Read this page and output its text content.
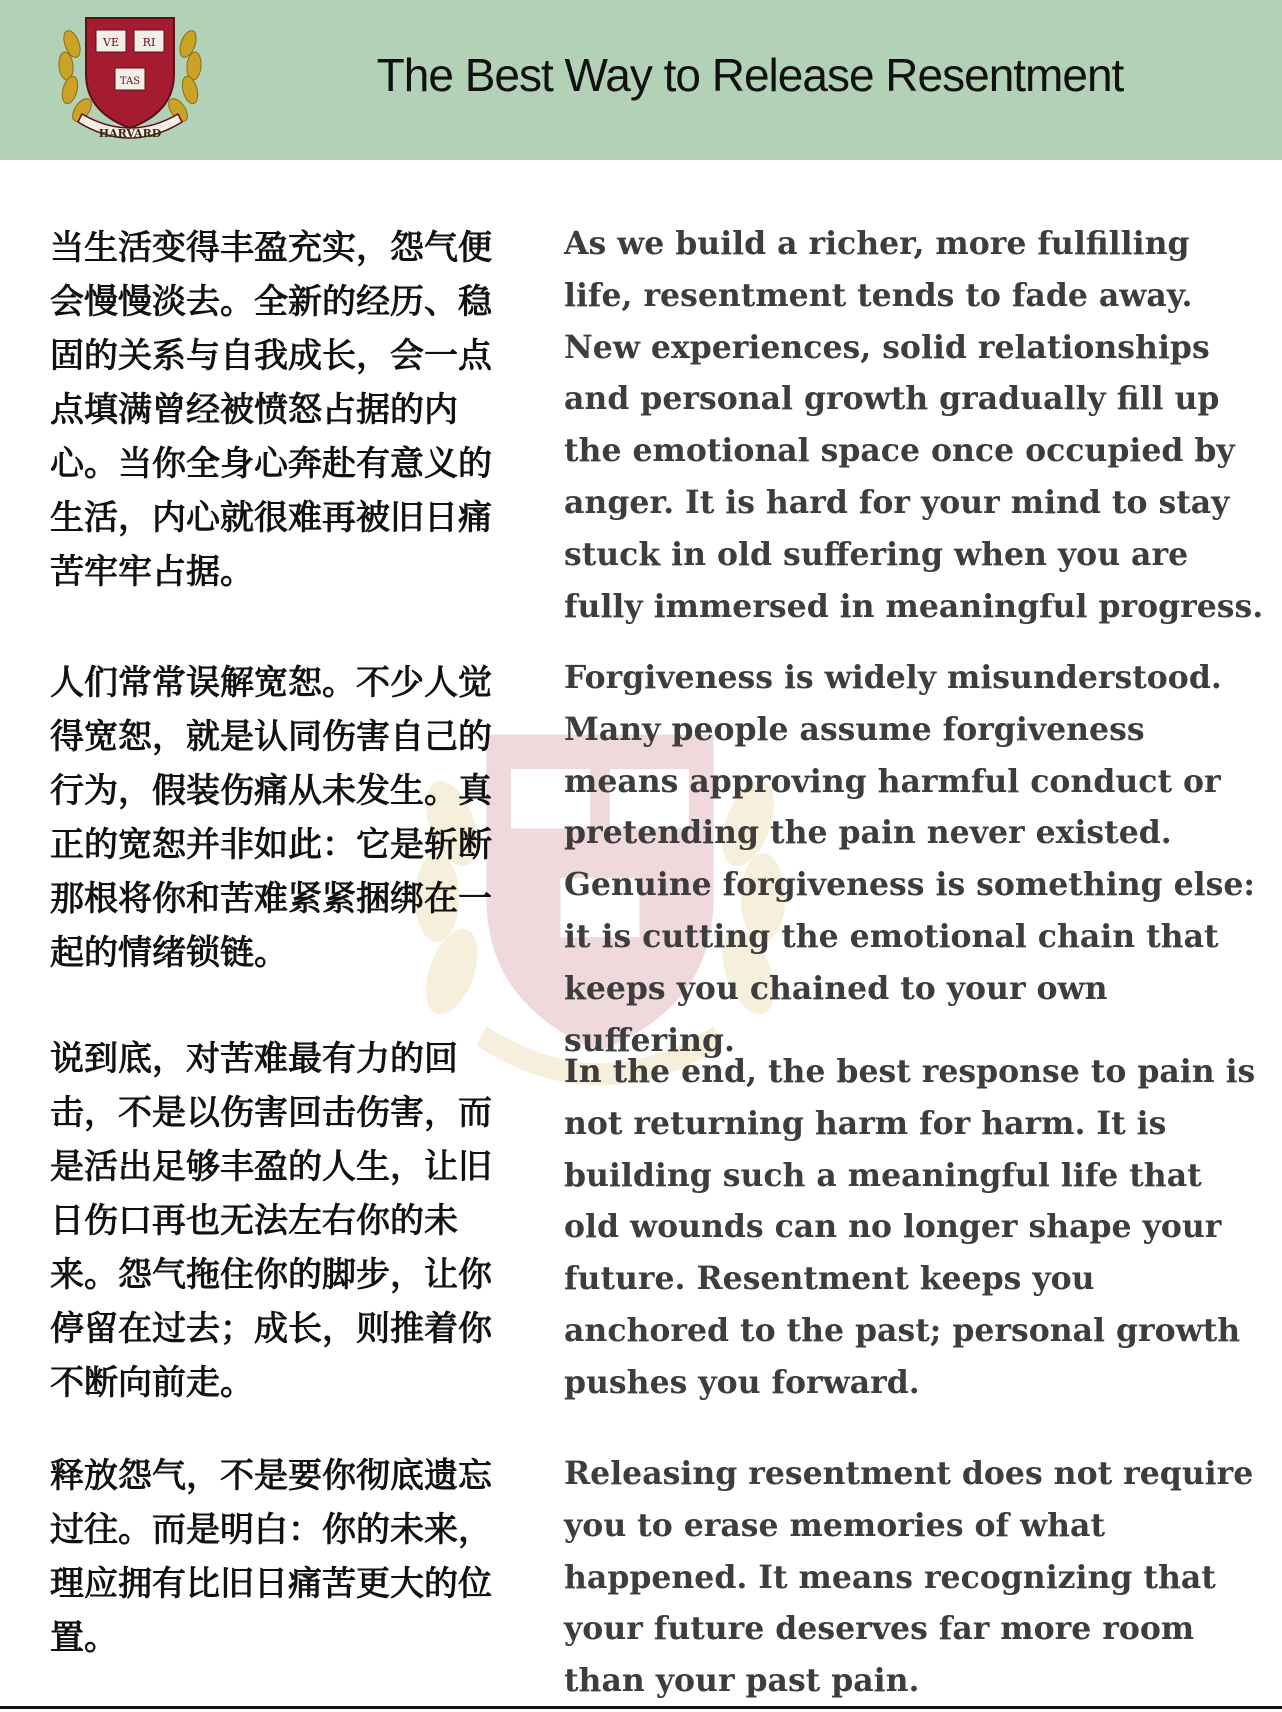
VE RI
TAS
HARVARD
The Best Way to Release Resentment

当生活变得丰盈充实，怨气便会慢慢淡去。全新的经历、稳固的关系与自我成长，会一点点填满曾经被愤怒占据的内心。当你全身心奔赴有意义的生活，内心就很难再被旧日痛苦牢牢占据。

As we build a richer, more fulfilling life, resentment tends to fade away. New experiences, solid relationships and personal growth gradually fill up the emotional space once occupied by anger. It is hard for your mind to stay stuck in old suffering when you are fully immersed in meaningful progress.

人们常常误解宽恕。不少人觉得宽恕，就是认同伤害自己的行为，假装伤痛从未发生。真正的宽恕并非如此：它是斩断那根将你和苦难紧紧捆绑在一起的情绪锁链。

Forgiveness is widely misunderstood. Many people assume forgiveness means approving harmful conduct or pretending the pain never existed. Genuine forgiveness is something else: it is cutting the emotional chain that keeps you chained to your own suffering.

说到底，对苦难最有力的回击，不是以伤害回击伤害，而是活出足够丰盈的人生，让旧日伤口再也无法左右你的未来。怨气拖住你的脚步，让你停留在过去；成长，则推着你不断向前走。

In the end, the best response to pain is not returning harm for harm. It is building such a meaningful life that old wounds can no longer shape your future. Resentment keeps you anchored to the past; personal growth pushes you forward.

释放怨气，不是要你彻底遗忘过往。而是明白：你的未来，理应拥有比旧日痛苦更大的位置。

Releasing resentment does not require you to erase memories of what happened. It means recognizing that your future deserves far more room than your past pain.
